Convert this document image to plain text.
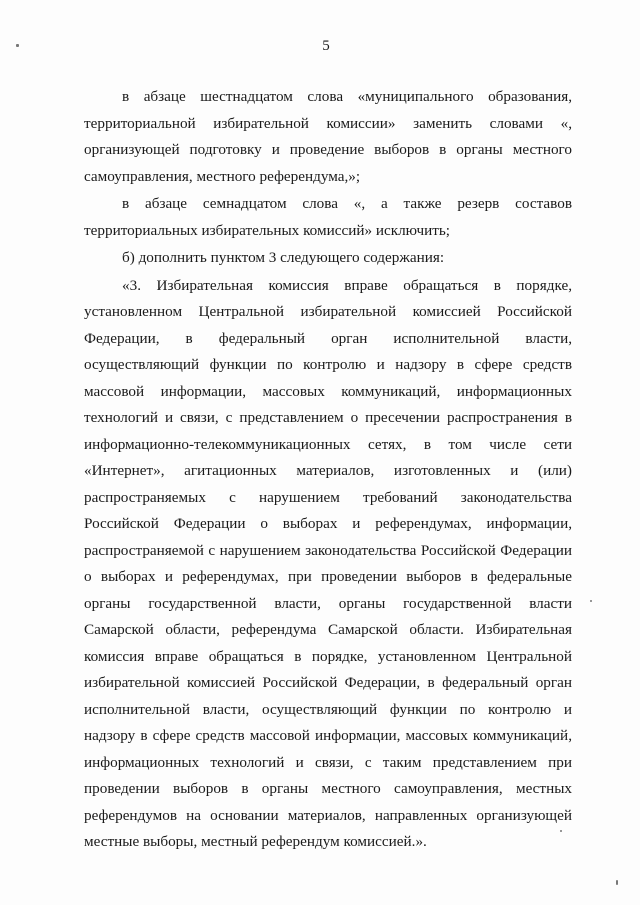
5

в абзаце шестнадцатом слова «муниципального образования, территориальной избирательной комиссии» заменить словами «, организующей подготовку и проведение выборов в органы местного самоуправления, местного референдума,»;

в абзаце семнадцатом слова «, а также резерв составов территориальных избирательных комиссий» исключить;

б) дополнить пунктом 3 следующего содержания:

«3. Избирательная комиссия вправе обращаться в порядке, установленном Центральной избирательной комиссией Российской Федерации, в федеральный орган исполнительной власти, осуществляющий функции по контролю и надзору в сфере средств массовой информации, массовых коммуникаций, информационных технологий и связи, с представлением о пресечении распространения в информационно-телекоммуникационных сетях, в том числе сети «Интернет», агитационных материалов, изготовленных и (или) распространяемых с нарушением требований законодательства Российской Федерации о выборах и референдумах, информации, распространяемой с нарушением законодательства Российской Федерации о выборах и референдумах, при проведении выборов в федеральные органы государственной власти, органы государственной власти Самарской области, референдума Самарской области. Избирательная комиссия вправе обращаться в порядке, установленном Центральной избирательной комиссией Российской Федерации, в федеральный орган исполнительной власти, осуществляющий функции по контролю и надзору в сфере средств массовой информации, массовых коммуникаций, информационных технологий и связи, с таким представлением при проведении выборов в органы местного самоуправления, местных референдумов на основании материалов, направленных организующей местные выборы, местный референдум комиссией.».
